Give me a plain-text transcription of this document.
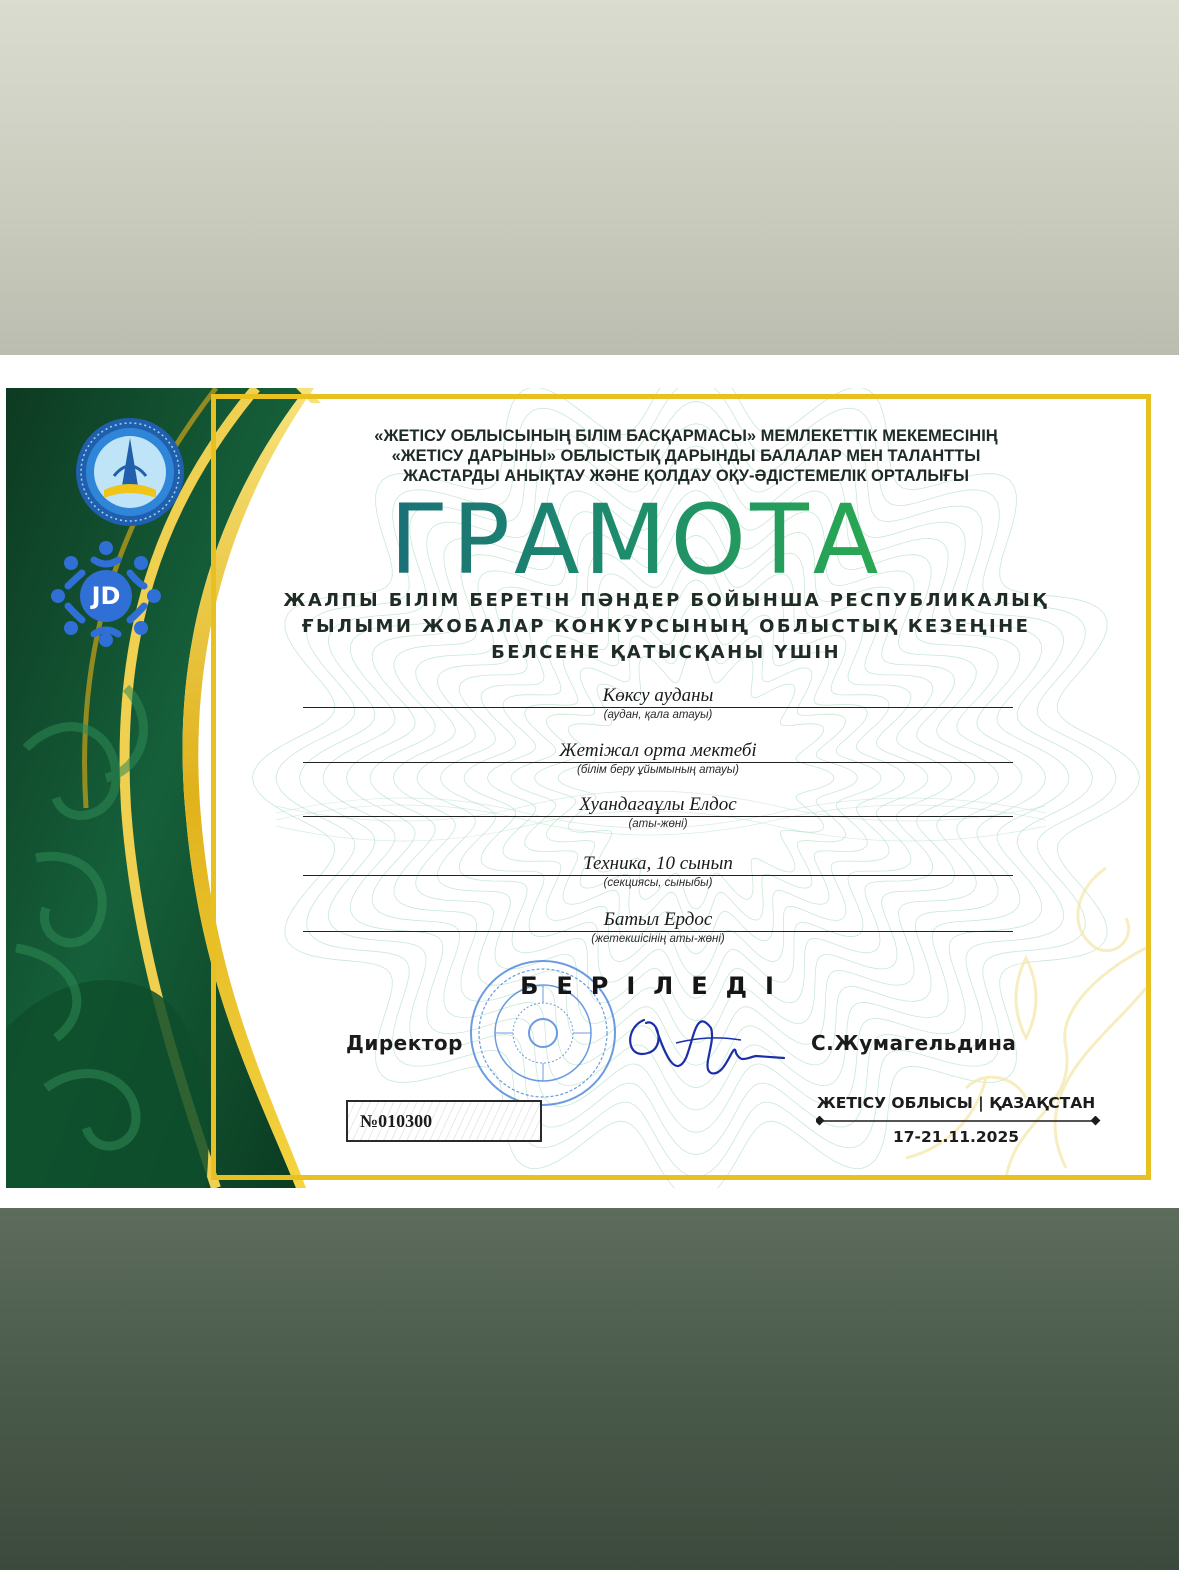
JD
«ЖЕТІСУ ОБЛЫСЫНЫҢ БІЛІМ БАСҚАРМАСЫ» МЕМЛЕКЕТТІК МЕКЕМЕСІНІҢ
«ЖЕТІСУ ДАРЫНЫ» ОБЛЫСТЫҚ ДАРЫНДЫ БАЛАЛАР МЕН ТАЛАНТТЫ
ЖАСТАРДЫ АНЫҚТАУ ЖӘНЕ ҚОЛДАУ ОҚУ-ӘДІСТЕМЕЛІК ОРТАЛЫҒЫ
ГРАМОТА
ЖАЛПЫ БІЛІМ БЕРЕТІН ПӘНДЕР БОЙЫНША РЕСПУБЛИКАЛЫҚ
ҒЫЛЫМИ ЖОБАЛАР КОНКУРСЫНЫҢ ОБЛЫСТЫҚ КЕЗЕҢІНЕ
БЕЛСЕНЕ ҚАТЫСҚАНЫ ҮШІН
Көксу ауданы
(аудан, қала атауы)
Жетіжал орта мектебі
(білім беру ұйымының атауы)
Хуандагаұлы Елдос
(аты-жөні)
Техника, 10 сынып
(секциясы, сыныбы)
Батыл Ердос
(жетекшісінің аты-жөні)
БЕРІЛЕДІ
Директор	С.Жумагельдина
№010300
ЖЕТІСУ ОБЛЫСЫ | ҚАЗАҚСТАН
17-21.11.2025
